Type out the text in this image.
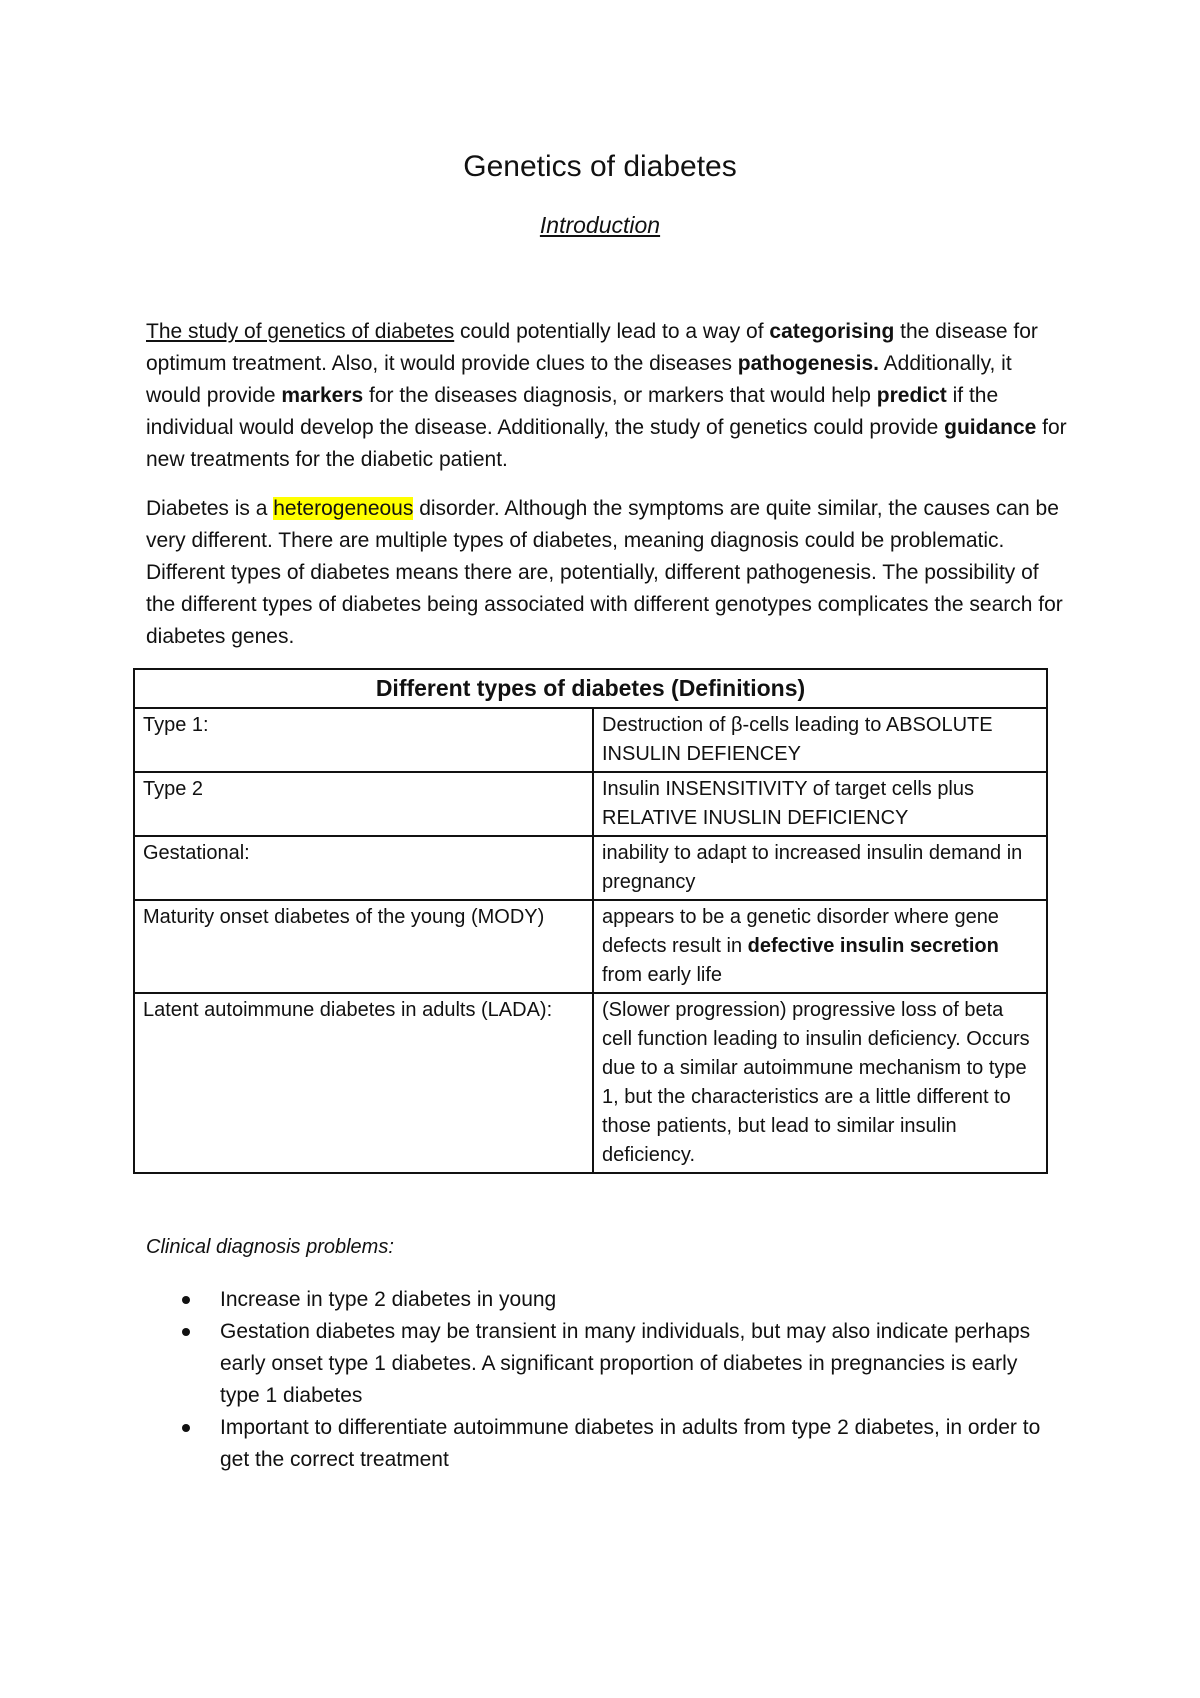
Genetics of diabetes

Introduction

The study of genetics of diabetes could potentially lead to a way of categorising the disease for optimum treatment. Also, it would provide clues to the diseases pathogenesis. Additionally, it would provide markers for the diseases diagnosis, or markers that would help predict if the individual would develop the disease. Additionally, the study of genetics could provide guidance for new treatments for the diabetic patient.

Diabetes is a heterogeneous disorder. Although the symptoms are quite similar, the causes can be very different. There are multiple types of diabetes, meaning diagnosis could be problematic. Different types of diabetes means there are, potentially, different pathogenesis. The possibility of the different types of diabetes being associated with different genotypes complicates the search for diabetes genes.

Different types of diabetes (Definitions)	
Type 1:	Destruction of β-cells leading to ABSOLUTE INSULIN DEFIENCEY
Type 2	Insulin INSENSITIVITY of target cells plus RELATIVE INUSLIN DEFICIENCY
Gestational:	inability to adapt to increased insulin demand in pregnancy
Maturity onset diabetes of the young (MODY)	appears to be a genetic disorder where gene defects result in defective insulin secretion from early life
Latent autoimmune diabetes in adults (LADA):	(Slower progression) progressive loss of beta cell function leading to insulin deficiency. Occurs due to a similar autoimmune mechanism to type 1, but the characteristics are a little different to those patients, but lead to similar insulin deficiency.

Clinical diagnosis problems:

Increase in type 2 diabetes in young
Gestation diabetes may be transient in many individuals, but may also indicate perhaps early onset type 1 diabetes. A significant proportion of diabetes in pregnancies is early type 1 diabetes
Important to differentiate autoimmune diabetes in adults from type 2 diabetes, in order to get the correct treatment
